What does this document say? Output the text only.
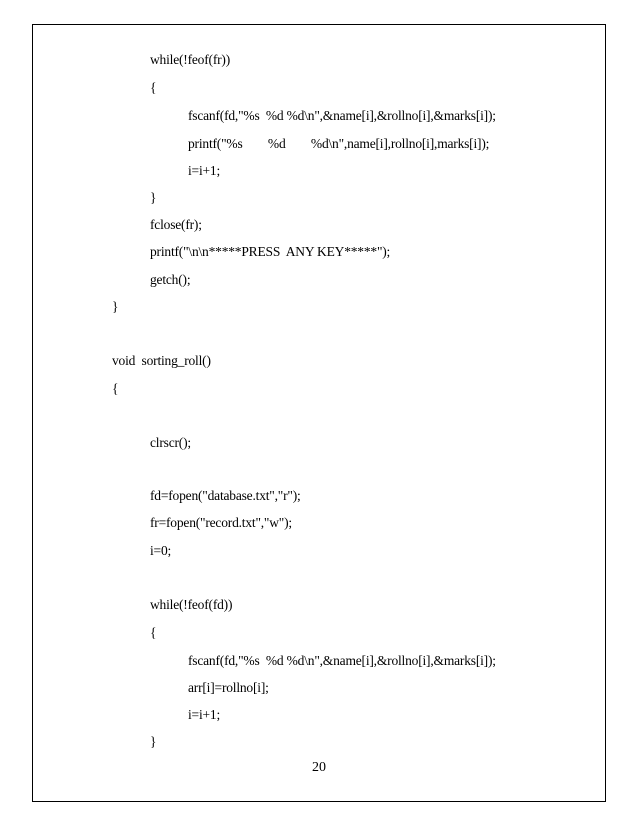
while(!feof(fr))
{
fscanf(fd,"%s  %d %d\n",&name[i],&rollno[i],&marks[i]);
printf("%s        %d        %d\n",name[i],rollno[i],marks[i]);
i=i+1;
}
fclose(fr);
printf("\n\n*****PRESS  ANY KEY*****");
getch();
}
void  sorting_roll()
{
clrscr();
fd=fopen("database.txt","r");
fr=fopen("record.txt","w");
i=0;
while(!feof(fd))
{
fscanf(fd,"%s  %d %d\n",&name[i],&rollno[i],&marks[i]);
arr[i]=rollno[i];
i=i+1;
}
20
